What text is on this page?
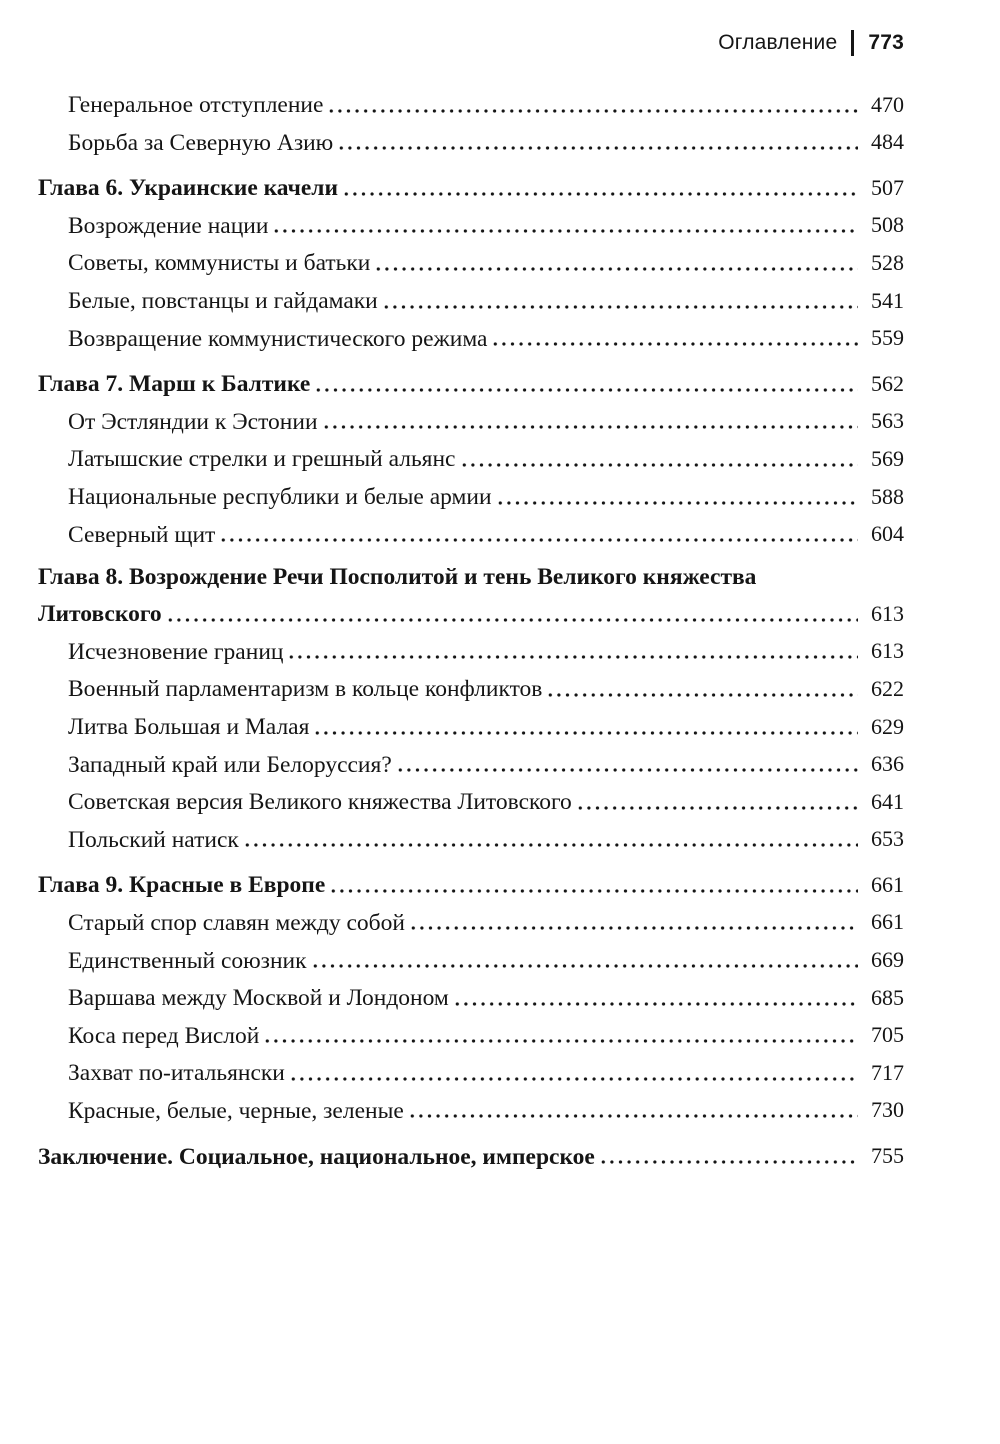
Оглавление 773
Генеральное отступление	470
Борьба за Северную Азию	484
Глава 6. Украинские качели	507
Возрождение нации	508
Советы, коммунисты и батьки	528
Белые, повстанцы и гайдамаки	541
Возвращение коммунистического режима	559
Глава 7. Марш к Балтике	562
От Эстляндии к Эстонии	563
Латышские стрелки и грешный альянс	569
Национальные республики и белые армии	588
Северный щит	604
Глава 8. Возрождение Речи Посполитой и тень Великого княжества
Литовского	613
Исчезновение границ	613
Военный парламентаризм в кольце конфликтов	622
Литва Большая и Малая	629
Западный край или Белоруссия?	636
Советская версия Великого княжества Литовского	641
Польский натиск	653
Глава 9. Красные в Европе	661
Старый спор славян между собой	661
Единственный союзник	669
Варшава между Москвой и Лондоном	685
Коса перед Вислой	705
Захват по-итальянски	717
Красные, белые, черные, зеленые	730
Заключение. Социальное, национальное, имперское	755
